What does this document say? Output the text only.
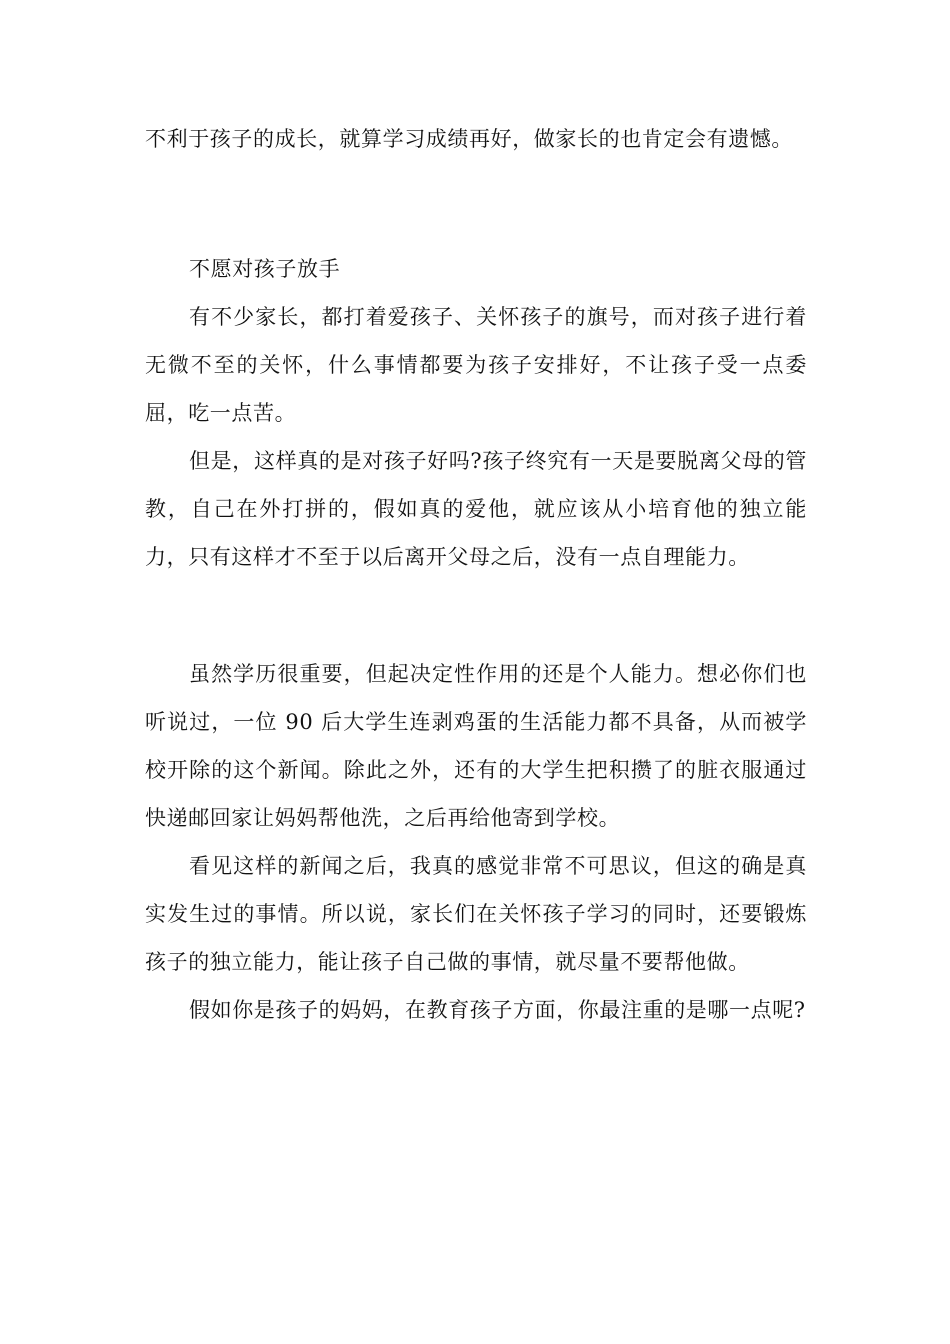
不利于孩子的成长，就算学习成绩再好，做家长的也肯定会有遗憾。

不愿对孩子放手

有不少家长，都打着爱孩子、关怀孩子的旗号，而对孩子进行着无微不至的关怀，什么事情都要为孩子安排好，不让孩子受一点委屈，吃一点苦。

但是，这样真的是对孩子好吗?孩子终究有一天是要脱离父母的管教，自己在外打拼的，假如真的爱他，就应该从小培育他的独立能力，只有这样才不至于以后离开父母之后，没有一点自理能力。

虽然学历很重要，但起决定性作用的还是个人能力。想必你们也听说过，一位 90 后大学生连剥鸡蛋的生活能力都不具备，从而被学校开除的这个新闻。除此之外，还有的大学生把积攒了的脏衣服通过快递邮回家让妈妈帮他洗，之后再给他寄到学校。

看见这样的新闻之后，我真的感觉非常不可思议，但这的确是真实发生过的事情。所以说，家长们在关怀孩子学习的同时，还要锻炼孩子的独立能力，能让孩子自己做的事情，就尽量不要帮他做。

假如你是孩子的妈妈，在教育孩子方面，你最注重的是哪一点呢?
